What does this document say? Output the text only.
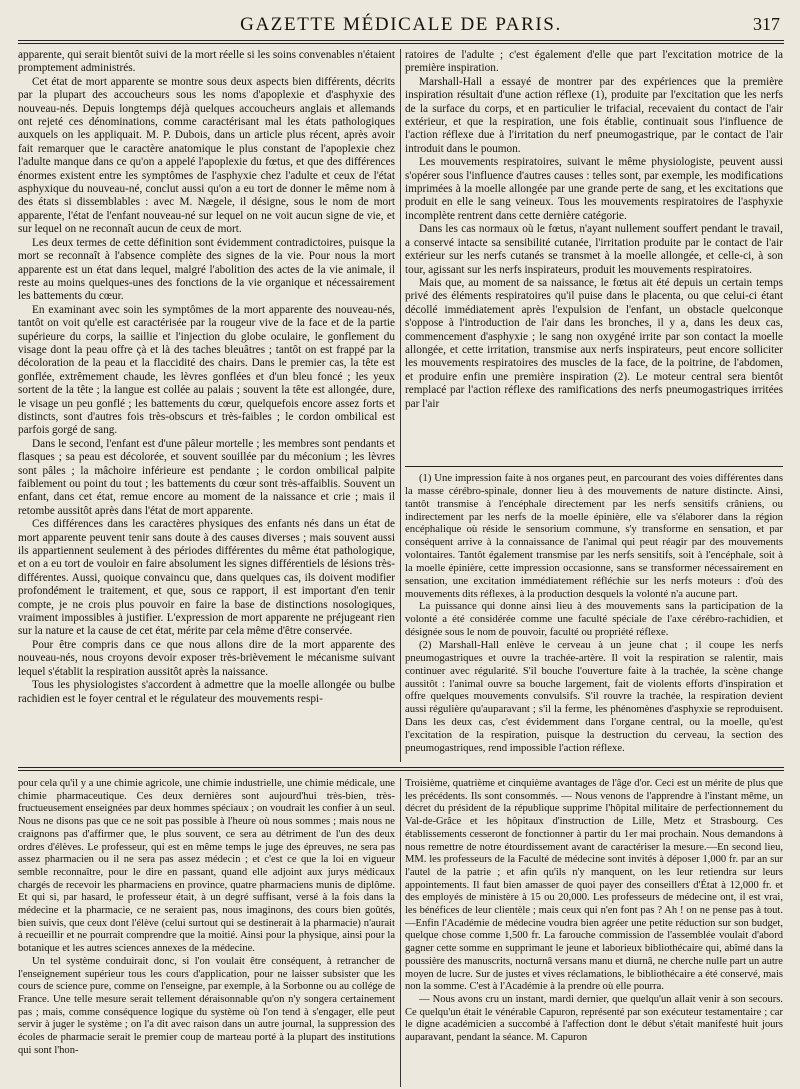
GAZETTE MÉDICALE DE PARIS.	317

apparente, qui serait bientôt suivi de la mort réelle si les soins convenables n'étaient promptement administrés.

Cet état de mort apparente se montre sous deux aspects bien différents, décrits par la plupart des accoucheurs sous les noms d'apoplexie et d'asphyxie des nouveau-nés. Depuis longtemps déjà quelques accoucheurs anglais et allemands ont rejeté ces dénominations, comme caractérisant mal les états pathologiques auxquels on les appliquait. M. P. Dubois, dans un article plus récent, après avoir fait remarquer que le caractère anatomique le plus constant de l'apoplexie chez l'adulte manque dans ce qu'on a appelé l'apoplexie du fœtus, et que des différences énormes existent entre les symptômes de l'asphyxie chez l'adulte et ceux de l'état asphyxique du nouveau-né, conclut aussi qu'on a eu tort de donner le même nom à des états si dissemblables : avec M. Nægele, il désigne, sous le nom de mort apparente, l'état de l'enfant nouveau-né sur lequel on ne voit aucun signe de vie, et sur lequel on ne reconnaît aucun de ceux de mort.

Les deux termes de cette définition sont évidemment contradictoires, puisque la mort se reconnaît à l'absence complète des signes de la vie. Pour nous la mort apparente est un état dans lequel, malgré l'abolition des actes de la vie animale, il reste au moins quelques-unes des fonctions de la vie organique et nécessairement les battements du cœur.

En examinant avec soin les symptômes de la mort apparente des nouveau-nés, tantôt on voit qu'elle est caractérisée par la rougeur vive de la face et de la partie supérieure du corps, la saillie et l'injection du globe oculaire, le gonflement du visage dont la peau offre çà et là des taches bleuâtres ; tantôt on est frappé par la décoloration de la peau et la flaccidité des chairs. Dans le premier cas, la tête est gonflée, extrêmement chaude, les lèvres gonflées et d'un bleu foncé ; les yeux sortent de la tête ; la langue est collée au palais ; souvent la tête est allongée, dure, le visage un peu gonflé ; les battements du cœur, quelquefois encore assez forts et distincts, sont d'autres fois très-obscurs et très-faibles ; le cordon ombilical est parfois gorgé de sang.

Dans le second, l'enfant est d'une pâleur mortelle ; les membres sont pendants et flasques ; sa peau est décolorée, et souvent souillée par du méconium ; les lèvres sont pâles ; la mâchoire inférieure est pendante ; le cordon ombilical palpite faiblement ou point du tout ; les battements du cœur sont très-affaiblis. Souvent un enfant, dans cet état, remue encore au moment de la naissance et crie ; mais il retombe aussitôt après dans l'état de mort apparente.

Ces différences dans les caractères physiques des enfants nés dans un état de mort apparente peuvent tenir sans doute à des causes diverses ; mais souvent aussi ils appartiennent seulement à des périodes différentes du même état pathologique, et on a eu tort de vouloir en faire absolument les signes différentiels de lésions très-différentes. Aussi, quoique convaincu que, dans quelques cas, ils doivent modifier profondément le traitement, et que, sous ce rapport, il est important d'en tenir compte, je ne crois plus pouvoir en faire la base de distinctions nosologiques, vraiment impossibles à justifier. L'expression de mort apparente ne préjugeant rien sur la nature et la cause de cet état, mérite par cela même d'être conservée.

Pour être compris dans ce que nous allons dire de la mort apparente des nouveau-nés, nous croyons devoir exposer très-brièvement le mécanisme suivant lequel s'établit la respiration aussitôt après la naissance.

Tous les physiologistes s'accordent à admettre que la moelle allongée ou bulbe rachidien est le foyer central et le régulateur des mouvements respi-

ratoires de l'adulte ; c'est également d'elle que part l'excitation motrice de la première inspiration.

Marshall-Hall a essayé de montrer par des expériences que la première inspiration résultait d'une action réflexe (1), produite par l'excitation que les nerfs de la surface du corps, et en particulier le trifacial, recevaient du contact de l'air extérieur, et que la respiration, une fois établie, continuait sous l'influence de l'action réflexe due à l'irritation du nerf pneumogastrique, par le contact de l'air introduit dans le poumon.

Les mouvements respiratoires, suivant le même physiologiste, peuvent aussi s'opérer sous l'influence d'autres causes : telles sont, par exemple, les modifications imprimées à la moelle allongée par une grande perte de sang, et les excitations que produit en elle le sang veineux. Tous les mouvements respiratoires de l'asphyxie incomplète rentrent dans cette dernière catégorie.

Dans les cas normaux où le fœtus, n'ayant nullement souffert pendant le travail, a conservé intacte sa sensibilité cutanée, l'irritation produite par le contact de l'air extérieur sur les nerfs cutanés se transmet à la moelle allongée, et celle-ci, à son tour, agissant sur les nerfs inspirateurs, produit les mouvements respiratoires.

Mais que, au moment de sa naissance, le fœtus ait été depuis un certain temps privé des éléments respiratoires qu'il puise dans le placenta, ou que celui-ci étant décollé immédiatement après l'expulsion de l'enfant, un obstacle quelconque s'oppose à l'introduction de l'air dans les bronches, il y a, dans les deux cas, commencement d'asphyxie ; le sang non oxygéné irrite par son contact la moelle allongée, et cette irritation, transmise aux nerfs inspirateurs, peut encore solliciter les mouvements respiratoires des muscles de la face, de la poitrine, de l'abdomen, et produire enfin une première inspiration (2). Le moteur central sera bientôt remplacé par l'action réflexe des ramifications des nerfs pneumogastriques irritées par l'air

(1) Une impression faite à nos organes peut, en parcourant des voies différentes dans la masse cérébro-spinale, donner lieu à des mouvements de nature distincte. Ainsi, tantôt transmise à l'encéphale directement par les nerfs sensitifs crâniens, ou indirectement par les nerfs de la moelle épinière, elle va s'élaborer dans la région encéphalique où réside le sensorium commune, s'y transforme en sensation, et par conséquent arrive à la connaissance de l'animal qui peut réagir par des mouvements volontaires. Tantôt également transmise par les nerfs sensitifs, soit à l'encéphale, soit à la moelle épinière, cette impression occasionne, sans se transformer nécessairement en sensation, une excitation immédiatement réfléchie sur les nerfs moteurs : d'où des mouvements dits réflexes, à la production desquels la volonté n'a aucune part.

La puissance qui donne ainsi lieu à des mouvements sans la participation de la volonté a été considérée comme une faculté spéciale de l'axe cérébro-rachidien, et désignée sous le nom de pouvoir, faculté ou propriété réflexe.

(2) Marshall-Hall enlève le cerveau à un jeune chat ; il coupe les nerfs pneumogastriques et ouvre la trachée-artère. Il voit la respiration se ralentir, mais continuer avec régularité. S'il bouche l'ouverture faite à la trachée, la scène change aussitôt : l'animal ouvre sa bouche largement, fait de violents efforts d'inspiration et offre quelques mouvements convulsifs. S'il rouvre la trachée, la respiration devient aussi régulière qu'auparavant ; s'il la ferme, les phénomènes d'asphyxie se reproduisent. Dans les deux cas, c'est évidemment dans l'organe central, ou la moelle, qu'est l'excitation de la respiration, puisque la destruction du cerveau, la section des pneumogastriques, rend impossible l'action réflexe.

pour cela qu'il y a une chimie agricole, une chimie industrielle, une chimie médicale, une chimie pharmaceutique. Ces deux dernières sont aujourd'hui très-bien, très-fructueusement enseignées par deux hommes spéciaux ; on voudrait les confier à un seul. Nous ne disons pas que ce ne soit pas possible à l'heure où nous sommes ; mais nous ne craignons pas d'affirmer que, le plus souvent, ce sera au détriment de l'un des deux ordres d'élèves. Le professeur, qui est en même temps le juge des épreuves, ne sera pas assez pharmacien ou il ne sera pas assez médecin ; et c'est ce que la loi en vigueur semble reconnaître, pour le dire en passant, quand elle adjoint aux jurys médicaux chargés de recevoir les pharmaciens en province, quatre pharmaciens munis de diplôme. Et qui si, par hasard, le professeur était, à un degré suffisant, versé à la fois dans la médecine et la pharmacie, ce ne seraient pas, nous imaginons, des cours bien goûtés, bien suivis, que ceux dont l'élève (celui surtout qui se destinerait à la pharmacie) n'aurait à recueillir et ne pourrait comprendre que la moitié. Ainsi pour la physique, ainsi pour la botanique et les autres sciences annexes de la médecine.

Un tel système conduirait donc, si l'on voulait être conséquent, à retrancher de l'enseignement supérieur tous les cours d'application, pour ne laisser subsister que les cours de science pure, comme on l'enseigne, par exemple, à la Sorbonne ou au collége de France. Une telle mesure serait tellement déraisonnable qu'on n'y songera certainement pas ; mais, comme conséquence logique du système où l'on tend à s'engager, elle peut servir à juger le système ; on l'a dit avec raison dans un autre journal, la suppression des écoles de pharmacie serait le premier coup de marteau porté à la plupart des institutions qui sont l'hon-

Troisième, quatrième et cinquième avantages de l'âge d'or. Ceci est un mérite de plus que les précédents. Ils sont consommés. — Nous venons de l'apprendre à l'instant même, un décret du président de la république supprime l'hôpital militaire de perfectionnement du Val-de-Grâce et les hôpitaux d'instruction de Lille, Metz et Strasbourg. Ces établissements cesseront de fonctionner à partir du 1er mai prochain. Nous demandons à nous remettre de notre étourdissement avant de caractériser la mesure.—En second lieu, MM. les professeurs de la Faculté de médecine sont invités à déposer 1,000 fr. par an sur l'autel de la patrie ; et afin qu'ils n'y manquent, on les leur retiendra sur leurs appointements. Il faut bien amasser de quoi payer des conseillers d'État à 12,000 fr. et des employés de ministère à 15 ou 20,000. Les professeurs de médecine ont, il est vrai, les bénéfices de leur clientèle ; mais ceux qui n'en font pas ? Ah ! on ne pense pas à tout. —Enfin l'Académie de médecine voudra bien agréer une petite réduction sur son budget, quelque chose comme 1,500 fr. La farouche commission de l'assemblée voulait d'abord gagner cette somme en supprimant le jeune et laborieux bibliothécaire qui, abîmé dans la poussière des manuscrits, nocturnâ versans manu et diurnâ, ne cherche nulle part un autre moyen de lucre. Sur de justes et vives réclamations, le bibliothécaire a été conservé, mais non la somme. C'est à l'Académie à la prendre où elle pourra.

— Nous avons cru un instant, mardi dernier, que quelqu'un allait venir à son secours. Ce quelqu'un était le vénérable Capuron, représenté par son exécuteur testamentaire ; car le digne académicien a succombé à l'affection dont le début s'était manifesté huit jours auparavant, pendant la séance. M. Capuron
